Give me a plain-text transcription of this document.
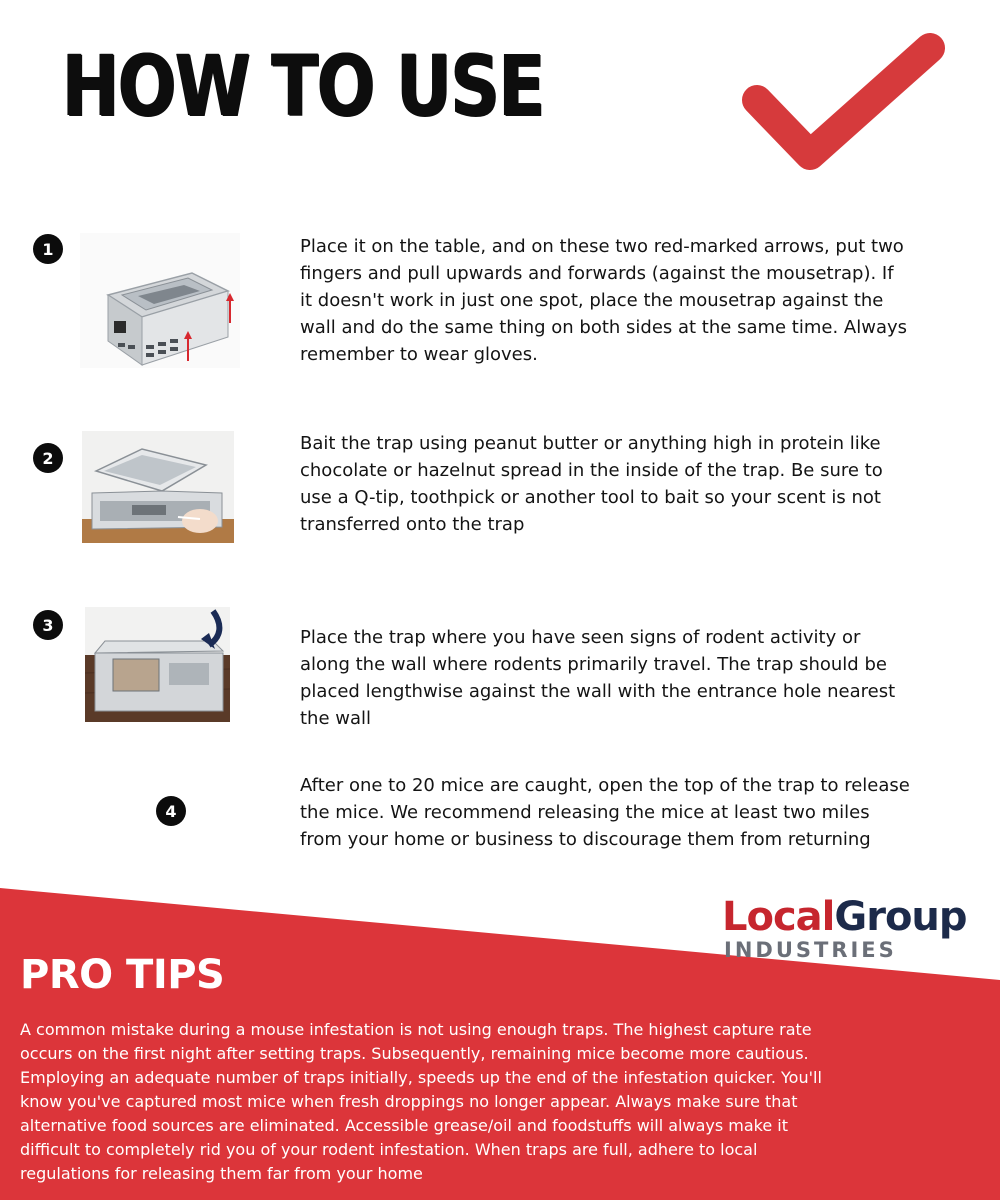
HOW TO USE
1	Place it on the table, and on these two red-marked arrows, put two fingers and pull upwards and forwards (against the mousetrap). If it doesn't work in just one spot, place the mousetrap against the wall and do the same thing on both sides at the same time. Always remember to wear gloves.
2
Bait the trap using peanut butter or anything high in protein like chocolate or hazelnut spread in the inside of the trap. Be sure to use a Q-tip, toothpick or another tool to bait so your scent is not transferred onto the trap
3
Place the trap where you have seen signs of rodent activity or along the wall where rodents primarily travel. The trap should be placed lengthwise against the wall with the entrance hole nearest the wall
4
After one to 20 mice are caught, open the top of the trap to release the mice. We recommend releasing the mice at least two miles from your home or business to discourage them from returning
LocalGroup
INDUSTRIES
PRO TIPS
A common mistake during a mouse infestation is not using enough traps. The highest capture rate occurs on the first night after setting traps. Subsequently, remaining mice become more cautious. Employing an adequate number of traps initially, speeds up the end of the infestation quicker. You'll know you've captured most mice when fresh droppings no longer appear. Always make sure that alternative food sources are eliminated. Accessible grease/oil and foodstuffs will always make it difficult to completely rid you of your rodent infestation. When traps are full, adhere to local regulations for releasing them far from your home
